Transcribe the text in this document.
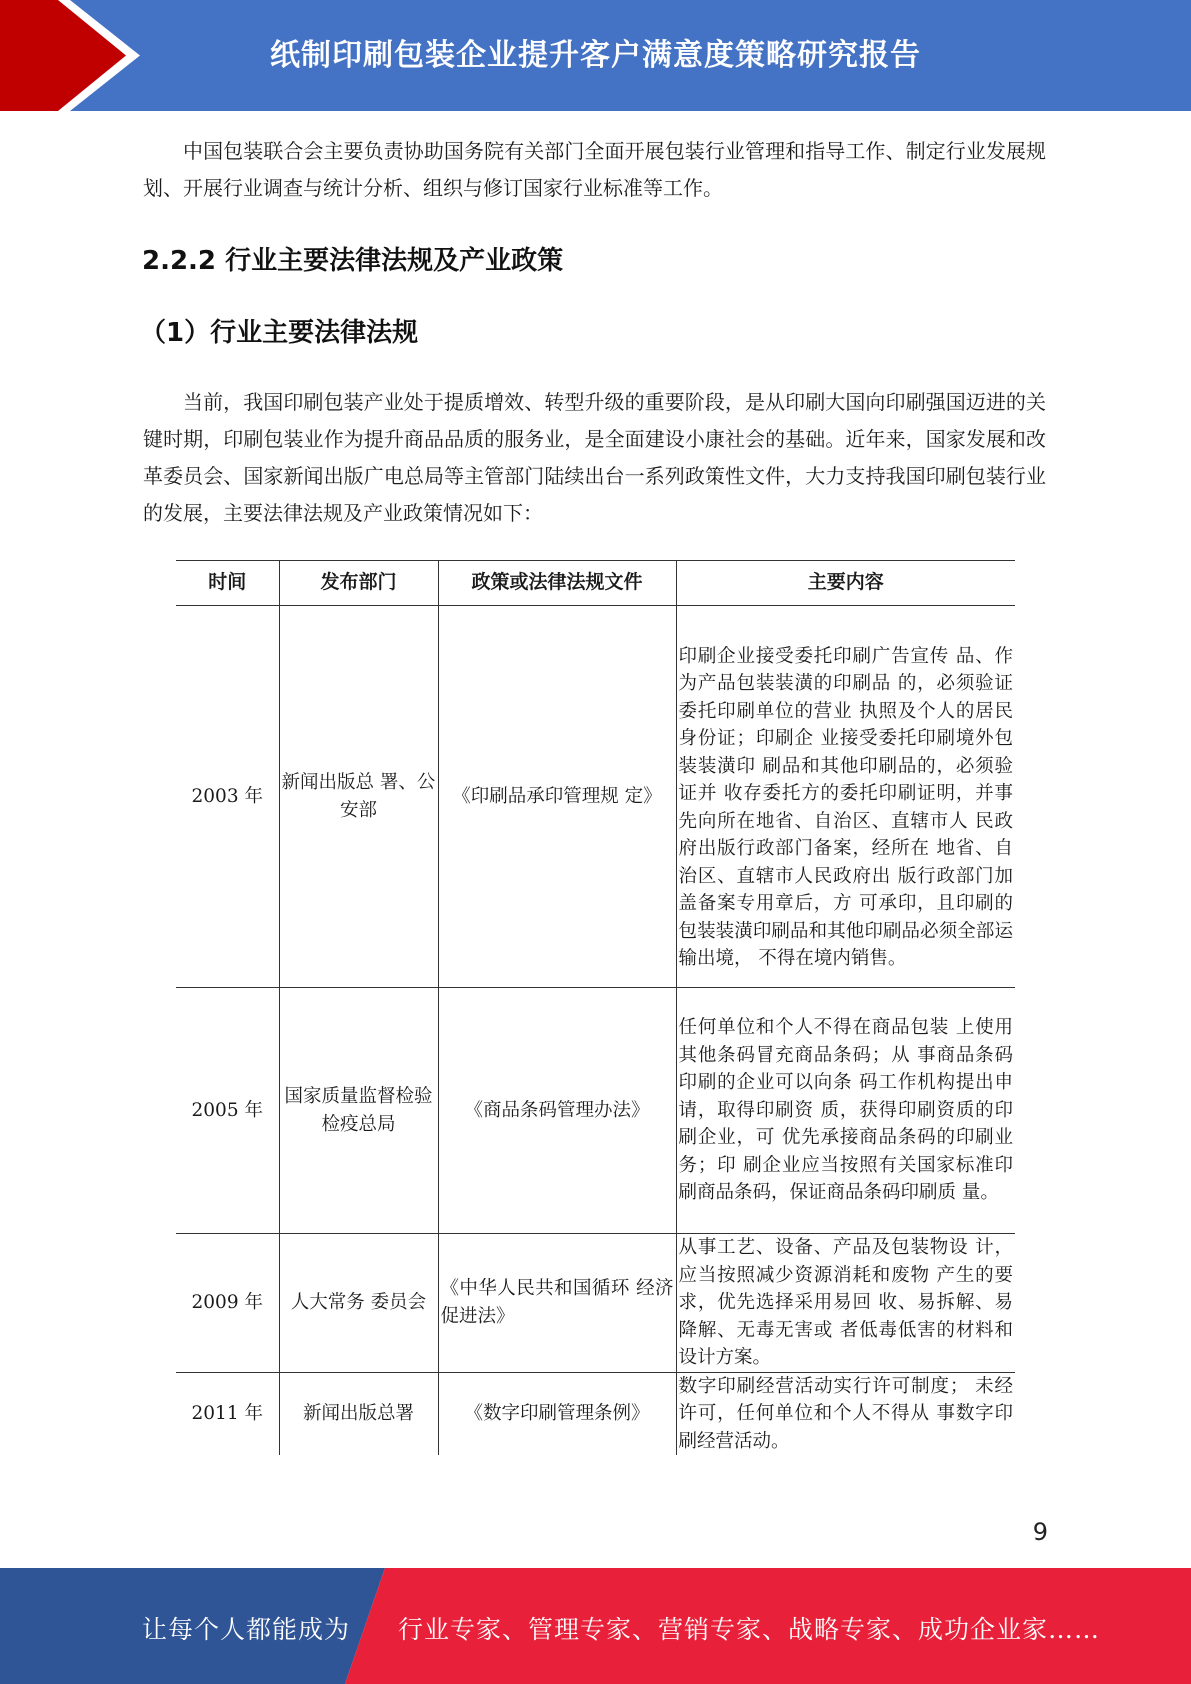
纸制印刷包装企业提升客户满意度策略研究报告

中国包装联合会主要负责协助国务院有关部门全面开展包装行业管理和指导工作、制定行业发展规划、开展行业调查与统计分析、组织与修订国家行业标准等工作。

2.2.2 行业主要法律法规及产业政策
（1）行业主要法律法规

当前，我国印刷包装产业处于提质增效、转型升级的重要阶段，是从印刷大国向印刷强国迈进的关键时期，印刷包装业作为提升商品品质的服务业，是全面建设小康社会的基础。近年来，国家发展和改革委员会、国家新闻出版广电总局等主管部门陆续出台一系列政策性文件，大力支持我国印刷包装行业的发展，主要法律法规及产业政策情况如下：

时间	发布部门	政策或法律法规文件	主要内容
2003 年	新闻出版总 署、公安部	《印刷品承印管理规 定》	印刷企业接受委托印刷广告宣传 品、作为产品包装装潢的印刷品 的，必须验证委托印刷单位的营业 执照及个人的居民身份证；印刷企 业接受委托印刷境外包装装潢印 刷品和其他印刷品的，必须验证并 收存委托方的委托印刷证明，并事 先向所在地省、自治区、直辖市人 民政府出版行政部门备案，经所在 地省、自治区、直辖市人民政府出 版行政部门加盖备案专用章后，方 可承印，且印刷的包装装潢印刷品和其他印刷品必须全部运输出境， 不得在境内销售。
2005 年	国家质量监督检验检疫总局	《商品条码管理办法》	任何单位和个人不得在商品包装 上使用其他条码冒充商品条码；从 事商品条码印刷的企业可以向条 码工作机构提出申请，取得印刷资 质，获得印刷资质的印刷企业，可 优先承接商品条码的印刷业务；印 刷企业应当按照有关国家标准印 刷商品条码，保证商品条码印刷质 量。
2009 年	人大常务 委员会	《中华人民共和国循环 经济促进法》	从事工艺、设备、产品及包装物设 计，应当按照减少资源消耗和废物 产生的要求，优先选择采用易回 收、易拆解、易降解、无毒无害或 者低毒低害的材料和设计方案。
2011 年	新闻出版总署	《数字印刷管理条例》	数字印刷经营活动实行许可制度； 未经许可，任何单位和个人不得从 事数字印刷经营活动。
9
让每个人都能成为 行业专家、管理专家、营销专家、战略专家、成功企业家……
